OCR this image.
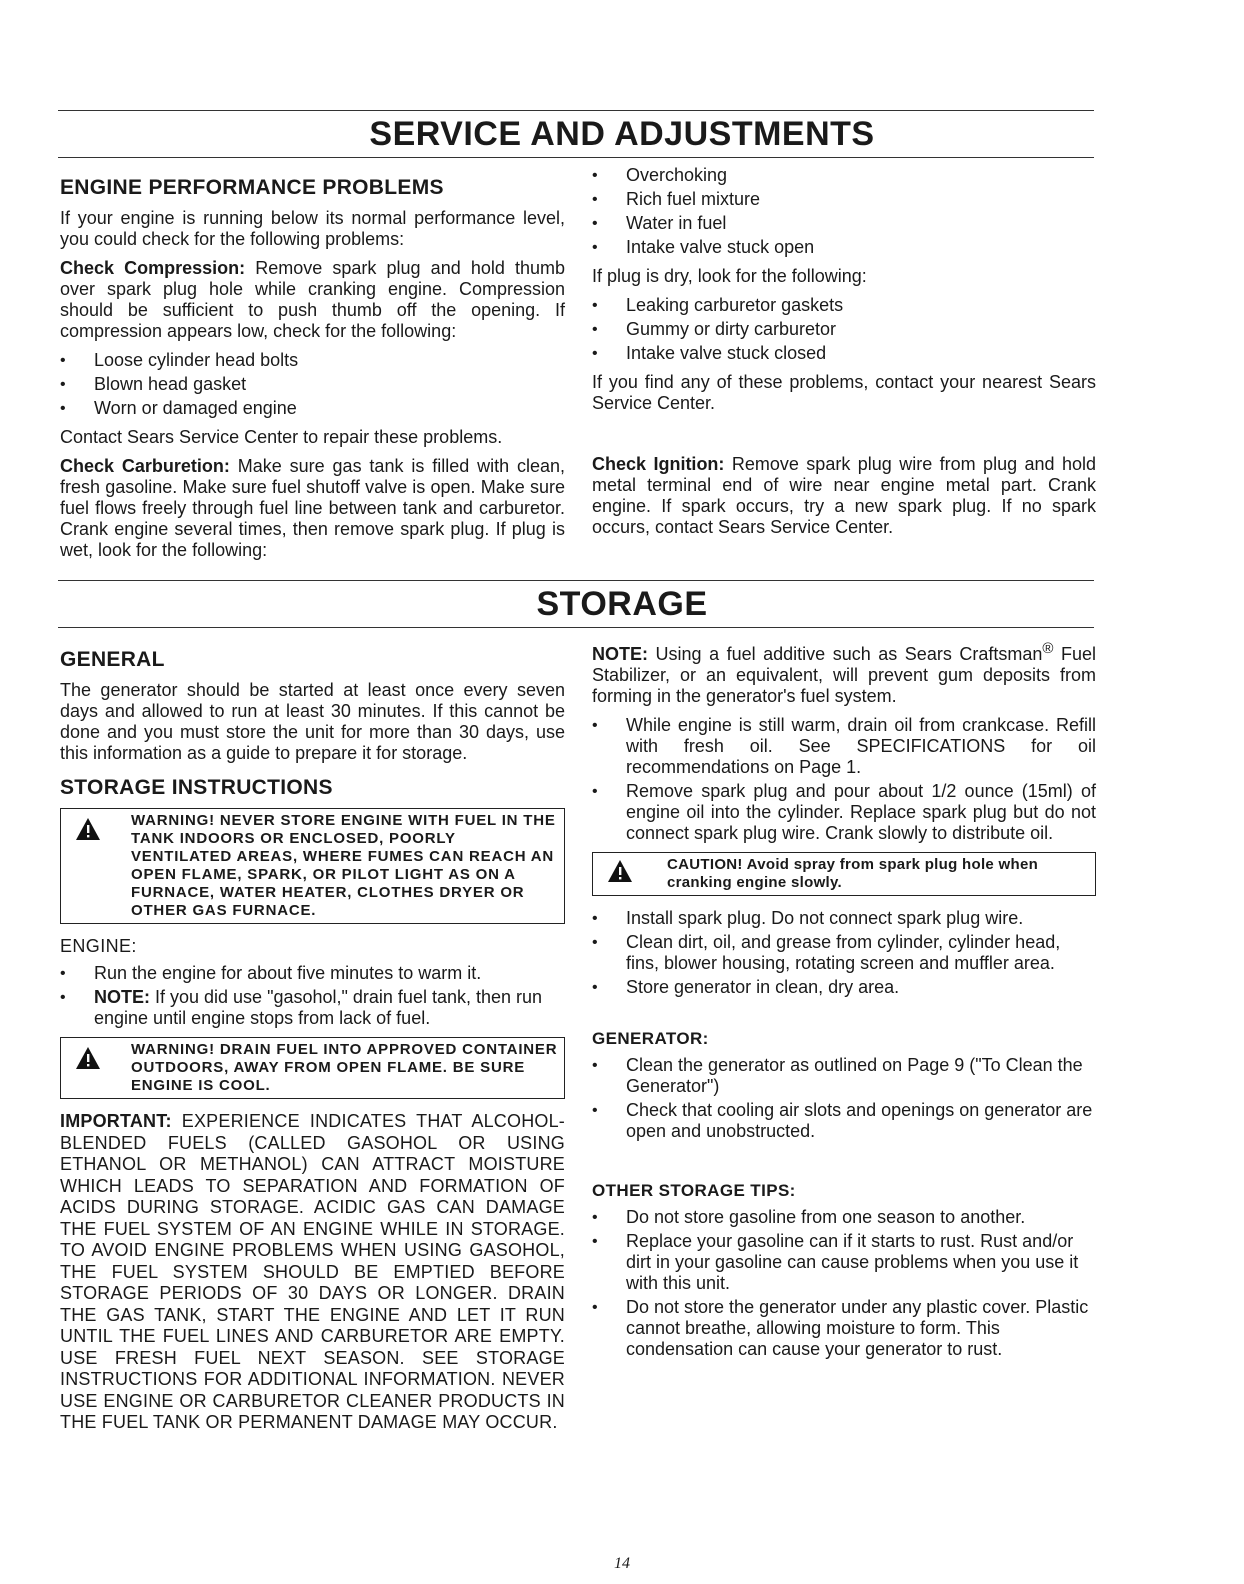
SERVICE AND ADJUSTMENTS
ENGINE PERFORMANCE PROBLEMS

If your engine is running below its normal performance level, you could check for the following problems:

Check Compression: Remove spark plug and hold thumb over spark plug hole while cranking engine. Compression should be sufficient to push thumb off the opening. If compression appears low, check for the following:

• Loose cylinder head bolts
• Blown head gasket
• Worn or damaged engine

Contact Sears Service Center to repair these problems.

Check Carburetion: Make sure gas tank is filled with clean, fresh gasoline. Make sure fuel shutoff valve is open. Make sure fuel flows freely through fuel line between tank and carburetor. Crank engine several times, then remove spark plug. If plug is wet, look for the following:

• Overchoking
• Rich fuel mixture
• Water in fuel
• Intake valve stuck open

If plug is dry, look for the following:

• Leaking carburetor gaskets
• Gummy or dirty carburetor
• Intake valve stuck closed

If you find any of these problems, contact your nearest Sears Service Center.

Check Ignition: Remove spark plug wire from plug and hold metal terminal end of wire near engine metal part. Crank engine. If spark occurs, try a new spark plug. If no spark occurs, contact Sears Service Center.

STORAGE
GENERAL

The generator should be started at least once every seven days and allowed to run at least 30 minutes. If this cannot be done and you must store the unit for more than 30 days, use this information as a guide to prepare it for storage.

STORAGE INSTRUCTIONS
WARNING! NEVER STORE ENGINE WITH FUEL IN THE TANK INDOORS OR ENCLOSED, POORLY VENTILATED AREAS, WHERE FUMES CAN REACH AN OPEN FLAME, SPARK, OR PILOT LIGHT AS ON A FURNACE, WATER HEATER, CLOTHES DRYER OR OTHER GAS FURNACE.
ENGINE:
• Run the engine for about five minutes to warm it.
• NOTE: If you did use "gasohol," drain fuel tank, then run engine until engine stops from lack of fuel.
WARNING! DRAIN FUEL INTO APPROVED CONTAINER OUTDOORS, AWAY FROM OPEN FLAME. BE SURE ENGINE IS COOL.

IMPORTANT: EXPERIENCE INDICATES THAT ALCOHOL-BLENDED FUELS (CALLED GASOHOL OR USING ETHANOL OR METHANOL) CAN ATTRACT MOISTURE WHICH LEADS TO SEPARATION AND FORMATION OF ACIDS DURING STORAGE. ACIDIC GAS CAN DAMAGE THE FUEL SYSTEM OF AN ENGINE WHILE IN STORAGE. TO AVOID ENGINE PROBLEMS WHEN USING GASOHOL, THE FUEL SYSTEM SHOULD BE EMPTIED BEFORE STORAGE PERIODS OF 30 DAYS OR LONGER. DRAIN THE GAS TANK, START THE ENGINE AND LET IT RUN UNTIL THE FUEL LINES AND CARBURETOR ARE EMPTY. USE FRESH FUEL NEXT SEASON. SEE STORAGE INSTRUCTIONS FOR ADDITIONAL INFORMATION. NEVER USE ENGINE OR CARBURETOR CLEANER PRODUCTS IN THE FUEL TANK OR PERMANENT DAMAGE MAY OCCUR.

NOTE: Using a fuel additive such as Sears Craftsman® Fuel Stabilizer, or an equivalent, will prevent gum deposits from forming in the generator's fuel system.

• While engine is still warm, drain oil from crankcase. Refill with fresh oil. See SPECIFICATIONS for oil recommendations on Page 1.
• Remove spark plug and pour about 1/2 ounce (15ml) of engine oil into the cylinder. Replace spark plug but do not connect spark plug wire. Crank slowly to distribute oil.
CAUTION! Avoid spray from spark plug hole when cranking engine slowly.
• Install spark plug. Do not connect spark plug wire.
• Clean dirt, oil, and grease from cylinder, cylinder head, fins, blower housing, rotating screen and muffler area.
• Store generator in clean, dry area.
GENERATOR:
• Clean the generator as outlined on Page 9 ("To Clean the Generator")
• Check that cooling air slots and openings on generator are open and unobstructed.
OTHER STORAGE TIPS:
• Do not store gasoline from one season to another.
• Replace your gasoline can if it starts to rust. Rust and/or dirt in your gasoline can cause problems when you use it with this unit.
• Do not store the generator under any plastic cover. Plastic cannot breathe, allowing moisture to form. This condensation can cause your generator to rust.
14
